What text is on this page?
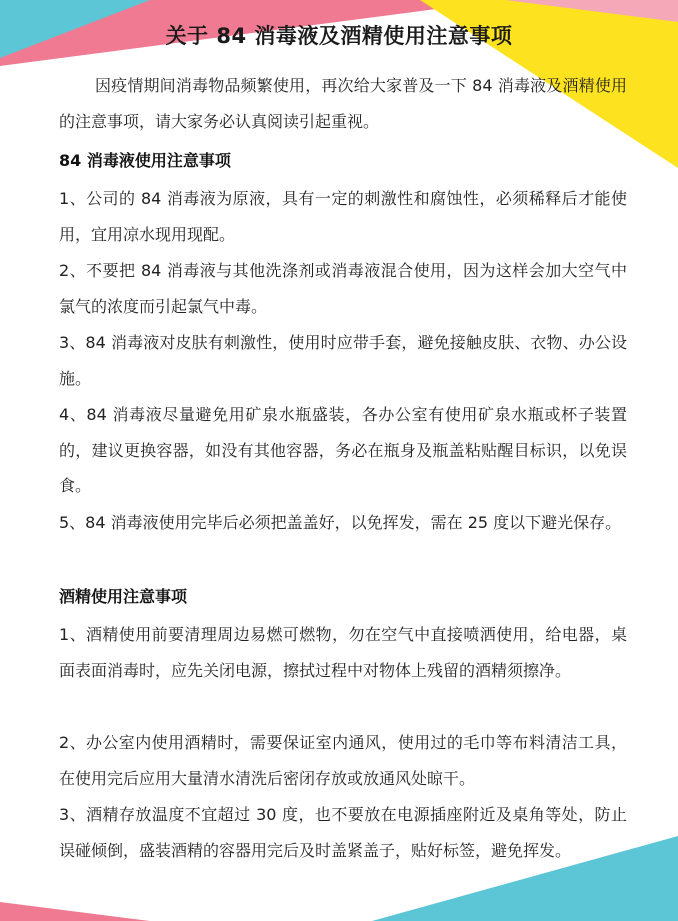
关于 84 消毒液及酒精使用注意事项

因疫情期间消毒物品频繁使用，再次给大家普及一下 84 消毒液及酒精使用的注意事项，请大家务必认真阅读引起重视。

84 消毒液使用注意事项

1、公司的 84 消毒液为原液，具有一定的刺激性和腐蚀性，必须稀释后才能使用，宜用凉水现用现配。

2、不要把 84 消毒液与其他洗涤剂或消毒液混合使用，因为这样会加大空气中氯气的浓度而引起氯气中毒。

3、84 消毒液对皮肤有刺激性，使用时应带手套，避免接触皮肤、衣物、办公设施。

4、84 消毒液尽量避免用矿泉水瓶盛装，各办公室有使用矿泉水瓶或杯子装置的，建议更换容器，如没有其他容器，务必在瓶身及瓶盖粘贴醒目标识，以免误食。

5、84 消毒液使用完毕后必须把盖盖好，以免挥发，需在 25 度以下避光保存。

酒精使用注意事项

1、酒精使用前要清理周边易燃可燃物，勿在空气中直接喷洒使用，给电器，桌面表面消毒时，应先关闭电源，擦拭过程中对物体上残留的酒精须擦净。

2、办公室内使用酒精时，需要保证室内通风，使用过的毛巾等布料清洁工具，在使用完后应用大量清水清洗后密闭存放或放通风处晾干。

3、酒精存放温度不宜超过 30 度，也不要放在电源插座附近及桌角等处，防止误碰倾倒，盛装酒精的容器用完后及时盖紧盖子，贴好标签，避免挥发。
